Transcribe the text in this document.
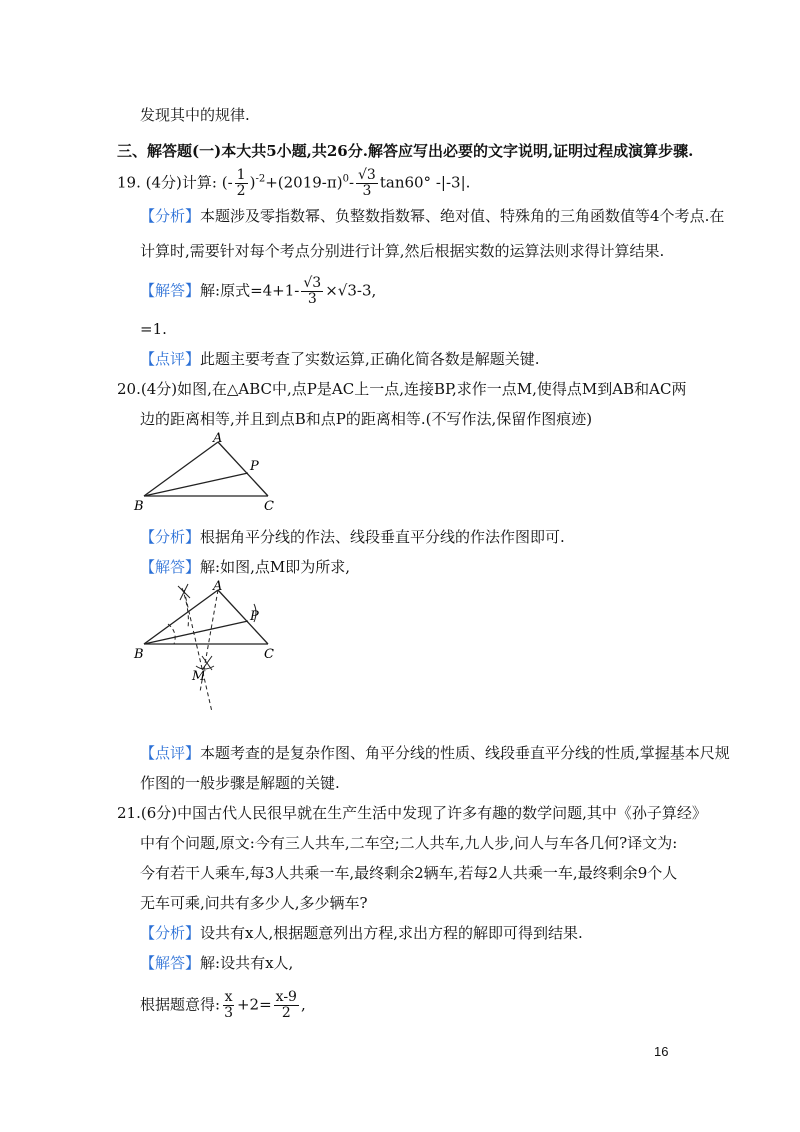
发现其中的规律.
三、解答题(一)本大共5小题,共26分.解答应写出必要的文字说明,证明过程成演算步骤.
19. (4分)计算: (- $\frac{1}{2} )^{-2}+(2019-\pi)^0- \frac{√3}{3} \tan 60^\circ$ -|-3|.
【分析】本题涉及零指数幂、负整数指数幂、绝对值、特殊角的三角函数值等4个考点.在
计算时,需要针对每个考点分别进行计算,然后根据实数的运算法则求得计算结果.
【解答】解:原式$=4+1- \frac{√3}{3} \times√3-3$,
=1.
【点评】此题主要考查了实数运算,正确化简各数是解题关键.
20.(4分)如图,在△ABC中,点P是AC上一点,连接BP,求作一点M,使得点M到AB和AC两
边的距离相等,并且到点B和点P的距离相等.(不写作法,保留作图痕迹)
A
B	C
P
【分析】根据角平分线的作法、线段垂直平分线的作法作图即可.
【解答】解:如图,点M即为所求,
A
B	C
P
M
【点评】本题考查的是复杂作图、角平分线的性质、线段垂直平分线的性质,掌握基本尺规
作图的一般步骤是解题的关键.
21.(6分)中国古代人民很早就在生产生活中发现了许多有趣的数学问题,其中《孙子算经》
中有个问题,原文:今有三人共车,二车空;二人共车,九人步,问人与车各几何?译文为:
今有若干人乘车,每3人共乘一车,最终剩余2辆车,若每2人共乘一车,最终剩余9个人
无车可乘,问共有多少人,多少辆车?
【分析】设共有x人,根据题意列出方程,求出方程的解即可得到结果.
【解答】解:设共有x人,
根据题意得: $\frac{x}{3} +2= \frac{x-9}{2}$ ,
16
